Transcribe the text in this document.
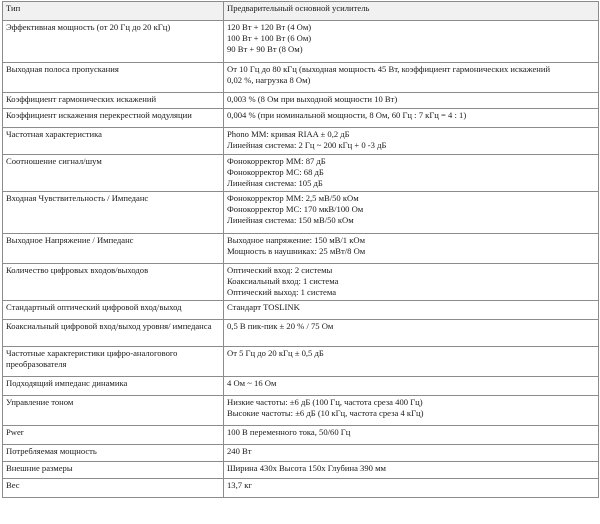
Тип	Предварительный основной усилитель
Эффективная мощность (от 20 Гц до 20 кГц)	120 Вт + 120 Вт (4 Ом)
100 Вт + 100 Вт (6 Ом)
90 Вт + 90 Вт (8 Ом)

Выходная полоса пропускания	От 10 Гц до 80 кГц (выходная мощность 45 Вт, коэффициент гармонических искажений
0,02 %, нагрузка 8 Ом)

Коэффициент гармонических искажений	0,003 % (8 Ом при выходной мощности 10 Вт)

Коэффициент искажения перекрестной модуляции	0,004 % (при номинальной мощности, 8 Ом, 60 Гц : 7 кГц = 4 : 1)

Частотная характеристика	Phono MM: кривая RIAA ± 0,2 дБ
Линейная система: 2 Гц ~ 200 кГц + 0 -3 дБ

Соотношение сигнал/шум	Фонокорректор MM: 87 дБ
Фонокорректор MC: 68 дБ
Линейная система: 105 дБ

Входная Чувствительность / Импеданс	Фонокорректор MM: 2,5 мВ/50 кОм
Фонокорректор MC: 170 мкВ/100 Ом
Линейная система: 150 мВ/50 кОм

Выходное Напряжение / Импеданс	Выходное напряжение: 150 мВ/1 кОм
Мощность в наушниках: 25 мВт/8 Ом

Количество цифровых входов/выходов	Оптический вход: 2 системы
Коаксиальный вход: 1 система
Оптический выход: 1 система

Стандартный оптический цифровой вход/выход	Стандарт TOSLINK

Коаксиальный цифровой вход/выход уровня/ импеданса	0,5 В пик-пик ± 20 % / 75 Ом

Частотные характеристики цифро-аналогового преобразователя	От 5 Гц до 20 кГц ± 0,5 дБ

Подходящий импеданс динамика	4 Ом ~ 16 Ом

Управление тоном	Низкие частоты: ±6 дБ (100 Гц, частота среза 400 Гц)
Высокие частоты: ±6 дБ (10 кГц, частота среза 4 кГц)

Pwer	100 В переменного тока, 50/60 Гц

Потребляемая мощность	240 Вт

Внешние размеры	Ширина 430х Высота 150х Глубина 390 мм

Вес	13,7 кг
